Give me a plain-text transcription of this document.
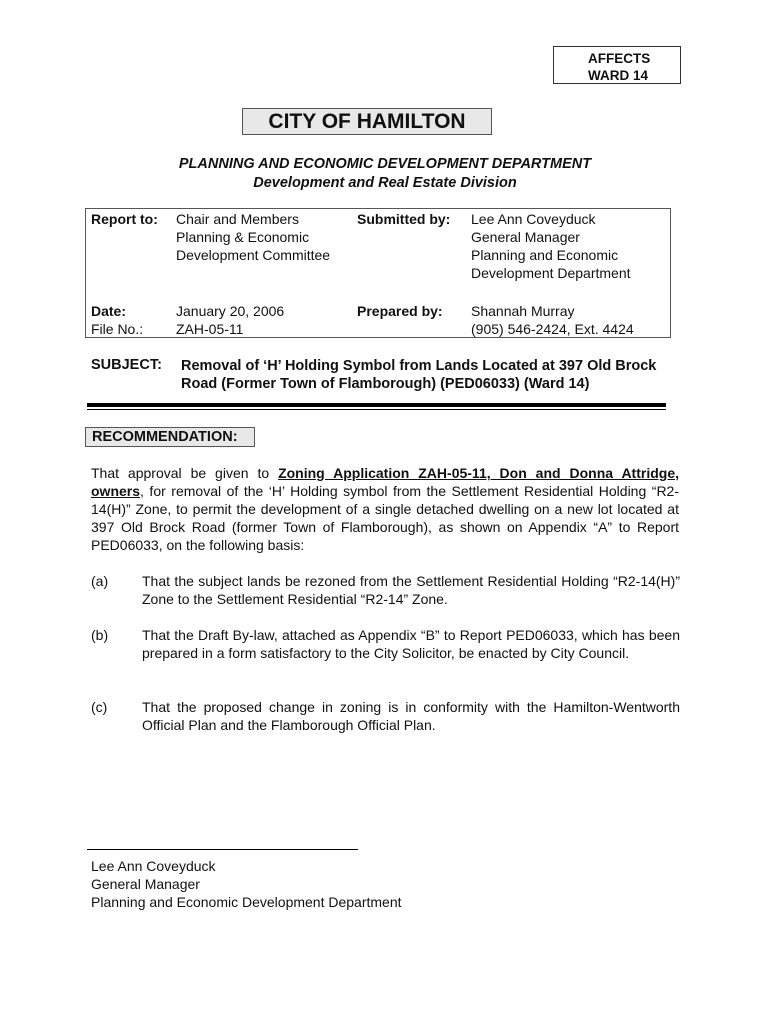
AFFECTS
WARD 14
CITY OF HAMILTON
PLANNING AND ECONOMIC DEVELOPMENT DEPARTMENT
Development and Real Estate Division
Report to: Chair and Members
Planning & Economic
Development Committee
Submitted by: Lee Ann Coveyduck
General Manager
Planning and Economic
Development Department
Date:
File No.:
January 20, 2006
ZAH-05-11
Prepared by: Shannah Murray
(905) 546-2424, Ext. 4424
SUBJECT: Removal of ‘H’ Holding Symbol from Lands Located at 397 Old Brock
Road (Former Town of Flamborough) (PED06033) (Ward 14)
RECOMMENDATION:
That approval be given to Zoning Application ZAH-05-11, Don and Donna Attridge, owners, for removal of the ‘H’ Holding symbol from the Settlement Residential Holding “R2-14(H)” Zone, to permit the development of a single detached dwelling on a new lot located at 397 Old Brock Road (former Town of Flamborough), as shown on Appendix “A” to Report PED06033, on the following basis:
(a) That the subject lands be rezoned from the Settlement Residential Holding “R2-14(H)” Zone to the Settlement Residential “R2-14” Zone.
(b) That the Draft By-law, attached as Appendix “B” to Report PED06033, which has been prepared in a form satisfactory to the City Solicitor, be enacted by City Council.
(c) That the proposed change in zoning is in conformity with the Hamilton-Wentworth Official Plan and the Flamborough Official Plan.
Lee Ann Coveyduck
General Manager
Planning and Economic Development Department
